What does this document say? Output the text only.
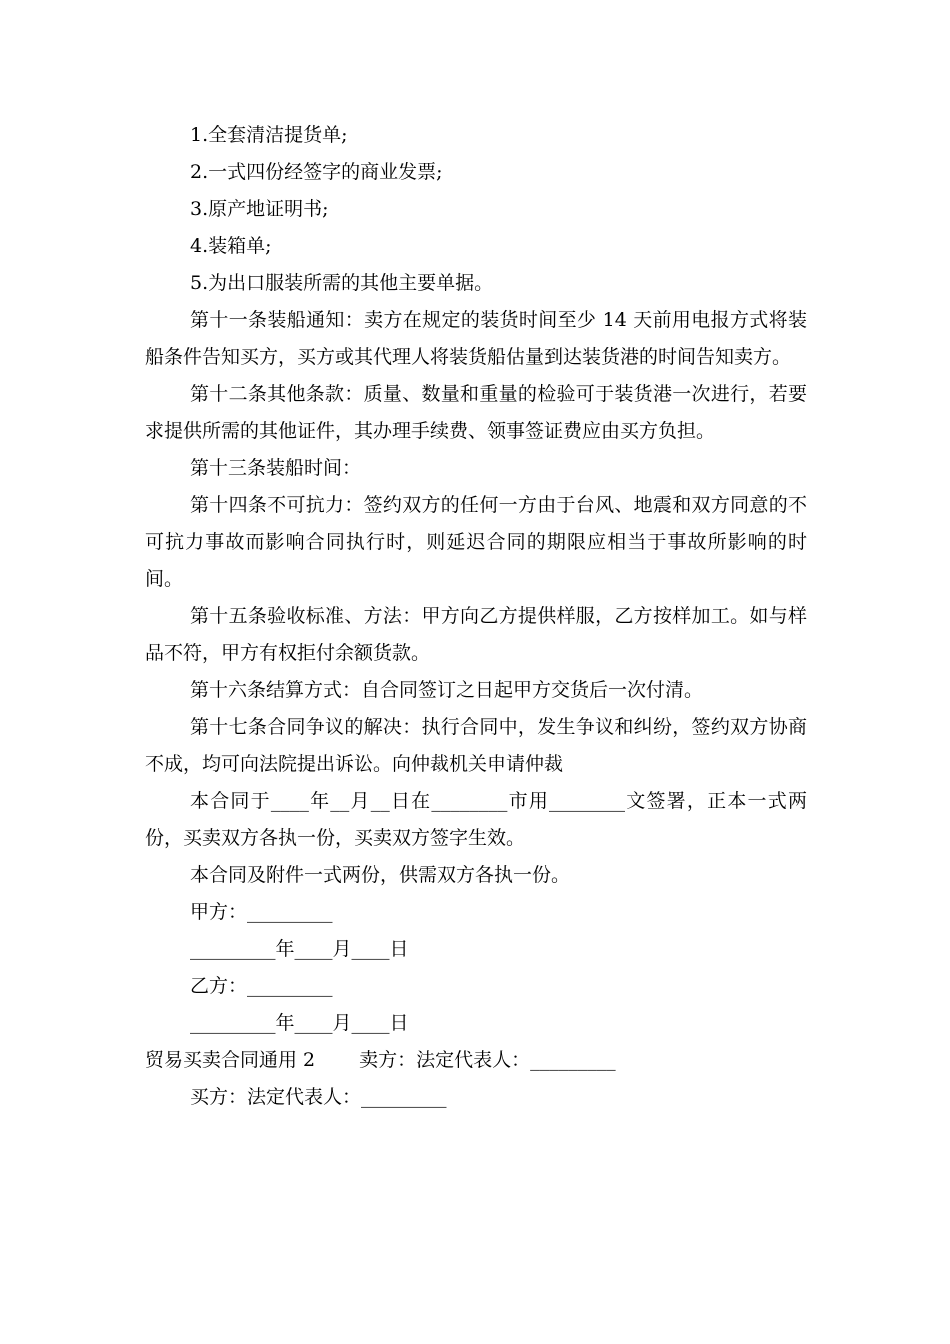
1.全套清洁提货单;

2.一式四份经签字的商业发票;

3.原产地证明书;

4.装箱单;

5.为出口服装所需的其他主要单据。

第十一条装船通知：卖方在规定的装货时间至少 14 天前用电报方式将装船条件告知买方，买方或其代理人将装货船估量到达装货港的时间告知卖方。

第十二条其他条款：质量、数量和重量的检验可于装货港一次进行，若要求提供所需的其他证件，其办理手续费、领事签证费应由买方负担。

第十三条装船时间：

第十四条不可抗力：签约双方的任何一方由于台风、地震和双方同意的不可抗力事故而影响合同执行时，则延迟合同的期限应相当于事故所影响的时间。

第十五条验收标准、方法：甲方向乙方提供样服，乙方按样加工。如与样品不符，甲方有权拒付余额货款。

第十六条结算方式：自合同签订之日起甲方交货后一次付清。

第十七条合同争议的解决：执行合同中，发生争议和纠纷，签约双方协商不成，均可向法院提出诉讼。向仲裁机关申请仲裁

本合同于____年__月__日在________市用________文签署，正本一式两份，买卖双方各执一份，买卖双方签字生效。

本合同及附件一式两份，供需双方各执一份。

甲方：_________

_________年____月____日

乙方：_________

_________年____月____日

贸易买卖合同通用 2 卖方：法定代表人：_________

买方：法定代表人：_________
